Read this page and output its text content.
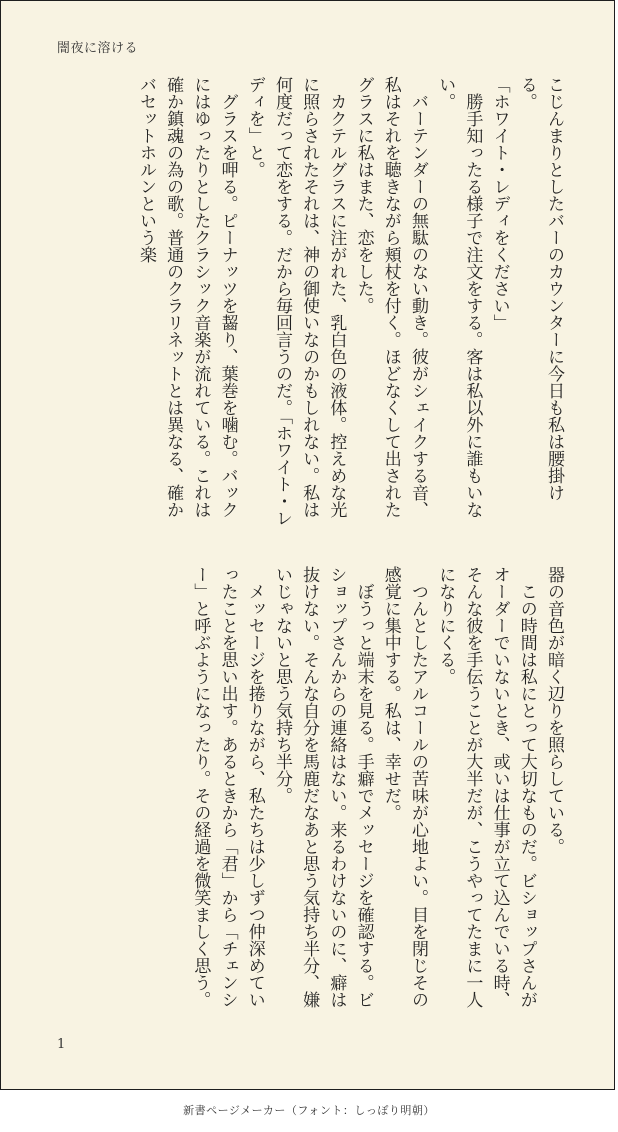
闇夜に溶ける

こじんまりとしたバーのカウンターに今日も私は腰掛ける。

「ホワイト・レディをください」

勝手知ったる様子で注文をする。客は私以外に誰もいない。

バーテンダーの無駄のない動き。彼がシェイクする音、私はそれを聴きながら頬杖を付く。ほどなくして出されたグラスに私はまた、恋をした。

カクテルグラスに注がれた、乳白色の液体。控えめな光に照らされたそれは、神の御使いなのかもしれない。私は何度だって恋をする。だから毎回言うのだ。「ホワイト・レディを」と。

グラスを呷る。ピーナッツを齧り、葉巻を噛む。バックにはゆったりとしたクラシック音楽が流れている。これは確か鎮魂の為の歌。普通のクラリネットとは異なる、確かバセットホルンという楽

器の音色が暗く辺りを照らしている。

この時間は私にとって大切なものだ。ビショップさんがオーダーでいないとき、或いは仕事が立て込んでいる時、そんな彼を手伝うことが大半だが、こうやってたまに一人になりにくる。

つんとしたアルコールの苦味が心地よい。目を閉じその感覚に集中する。私は、幸せだ。

ぼうっと端末を見る。手癖でメッセージを確認する。ビショップさんからの連絡はない。来るわけないのに、癖は抜けない。そんな自分を馬鹿だなあと思う気持ち半分、嫌いじゃないと思う気持ち半分。

メッセージを捲りながら、私たちは少しずつ仲深めていったことを思い出す。あるときから「君」から「チェンシー」と呼ぶようになったり。その経過を微笑ましく思う。

1
新書ページメーカー（フォント：しっぽり明朝）
